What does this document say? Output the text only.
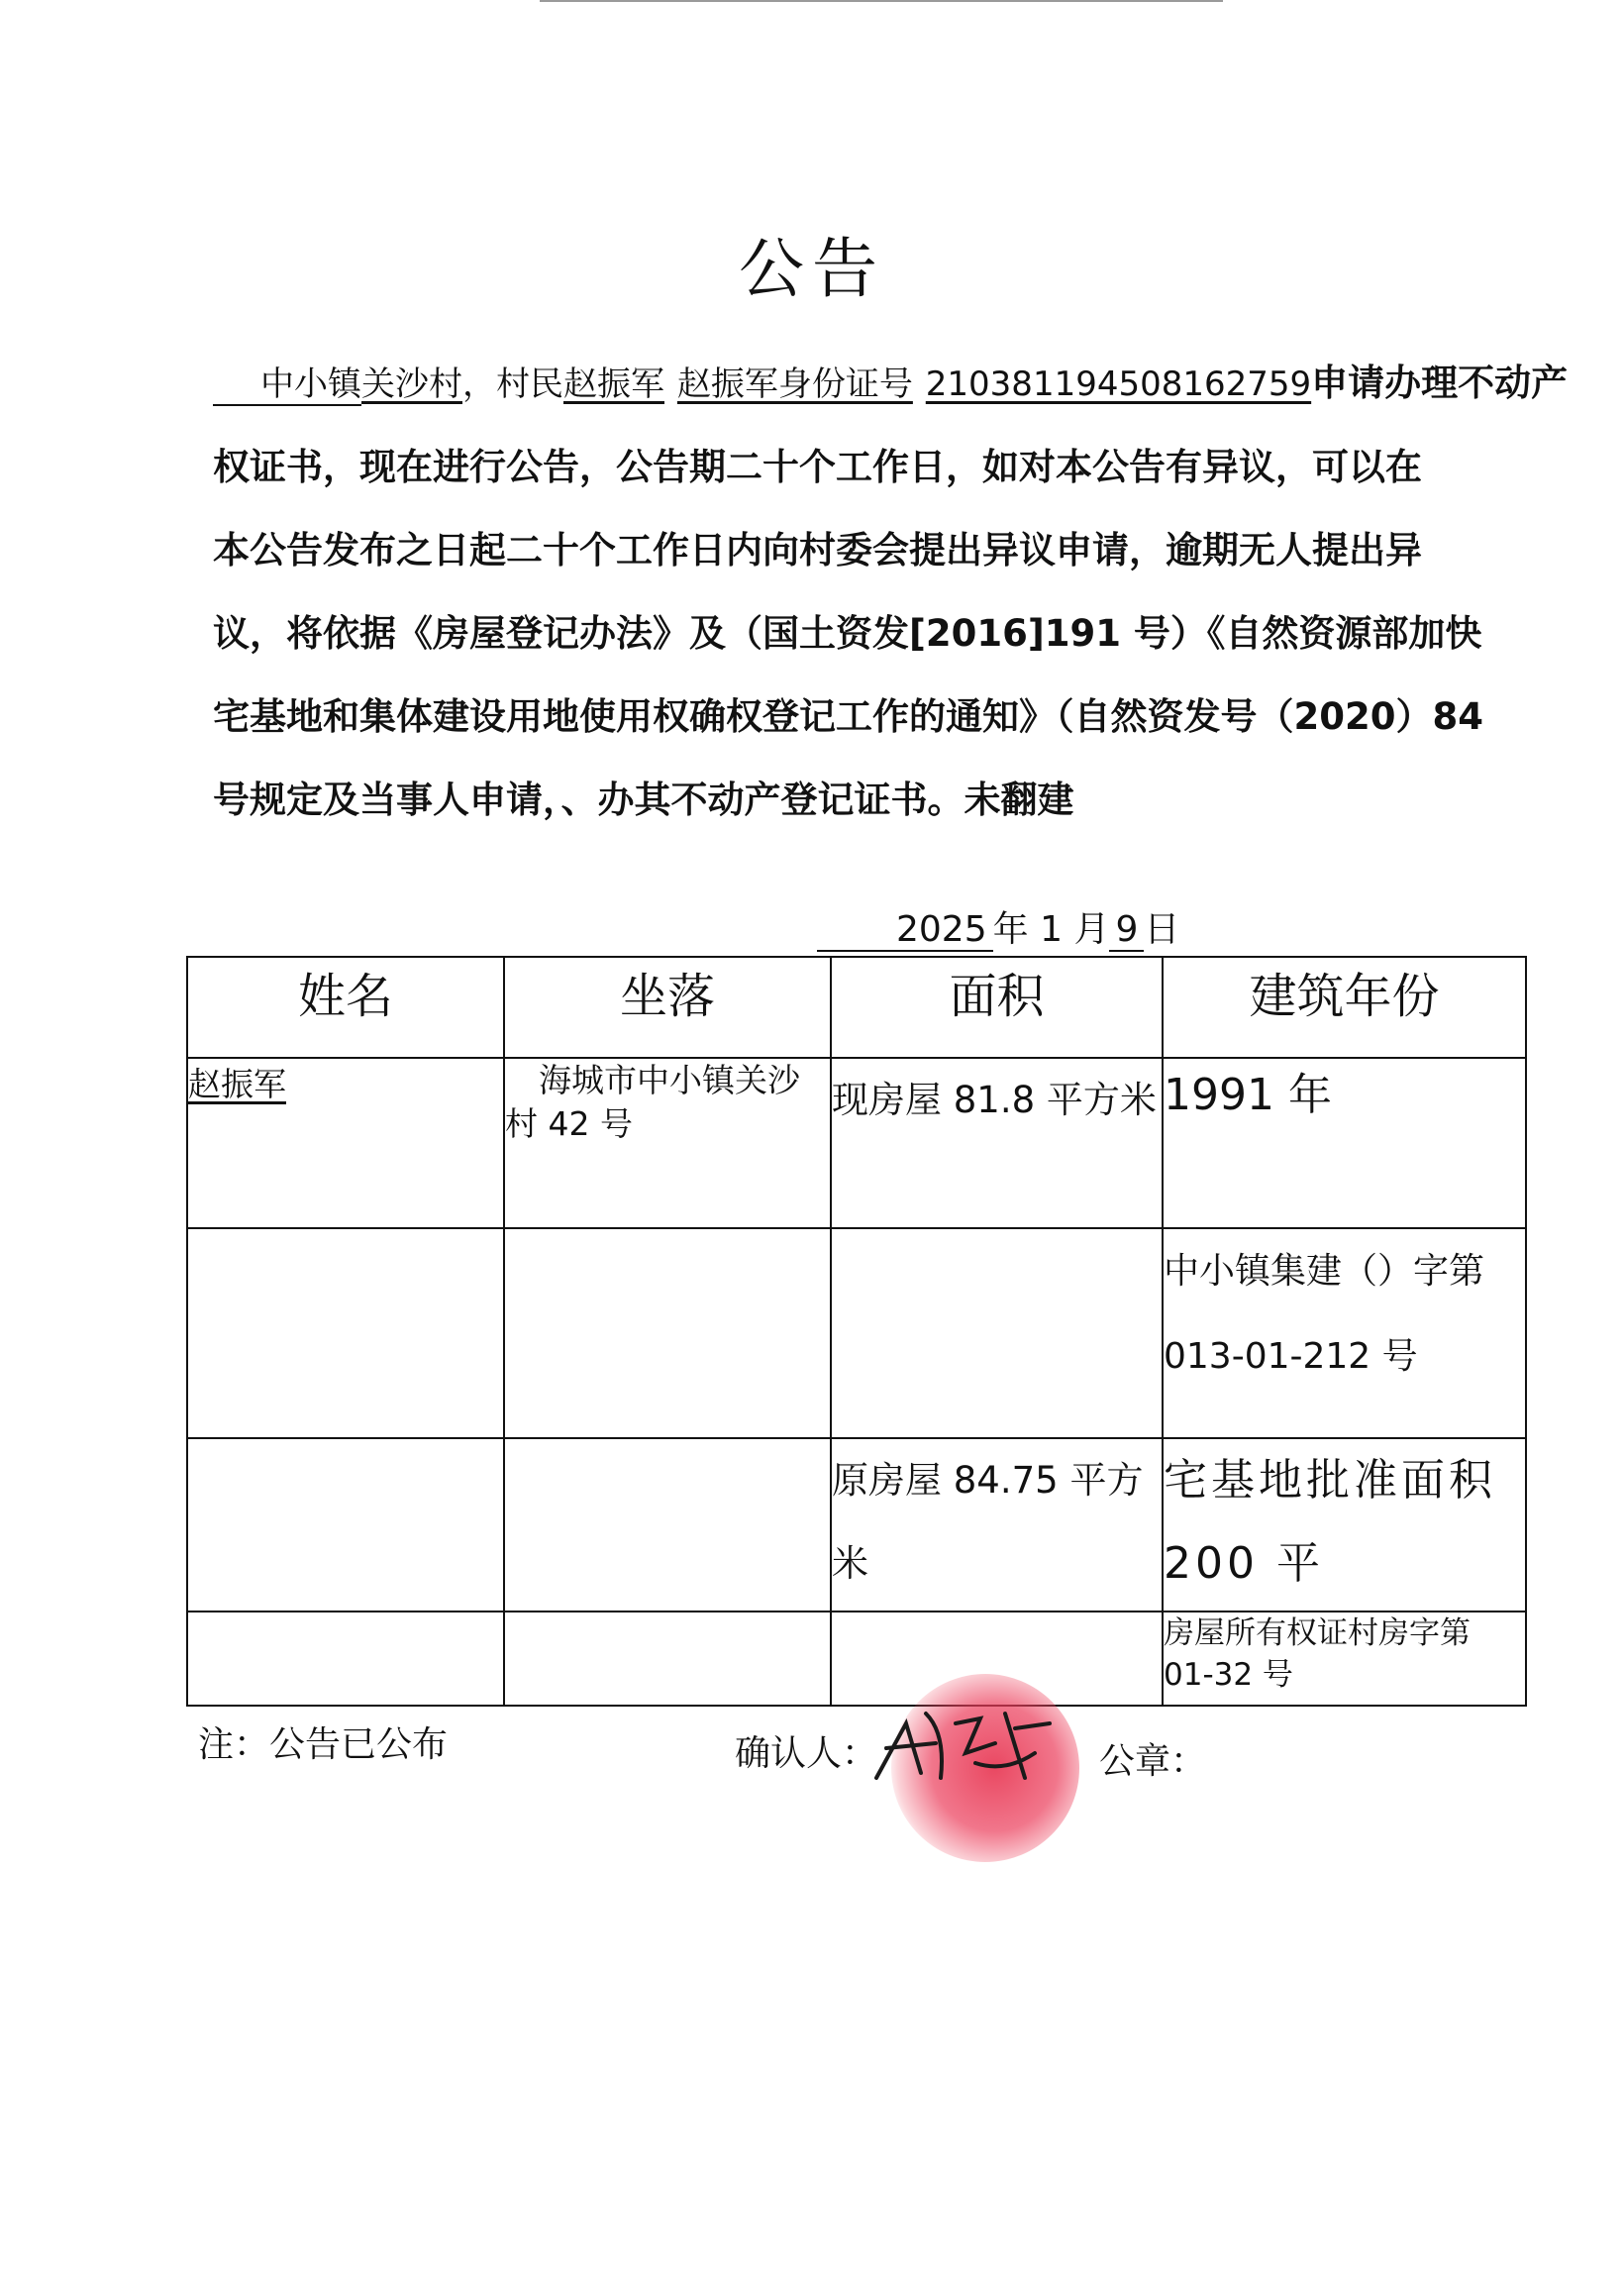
公告
中小镇关沙村，村民赵振军 赵振军身份证号 210381194508162759申请办理不动产
权证书，现在进行公告，公告期二十个工作日，如对本公告有异议，可以在
本公告发布之日起二十个工作日内向村委会提出异议申请，逾期无人提出异
议，将依据《房屋登记办法》及（国土资发[2016]191 号）《自然资源部加快
宅基地和集体建设用地使用权确权登记工作的通知》（自然资发号（2020）84
号规定及当事人申请，、办其不动产登记证书。未翻建
2025 年 1 月 9 日
姓名	坐落	面积	建筑年份
赵振军	海城市中小镇关沙村 42 号	现房屋 81.8 平方米	1991 年
			中小镇集建（）字第 013-01-212 号
		原房屋 84.75 平方米	宅基地批准面积 200 平
			房屋所有权证村房字第 01-32 号
注：公告已公布	确认人：	公章：
